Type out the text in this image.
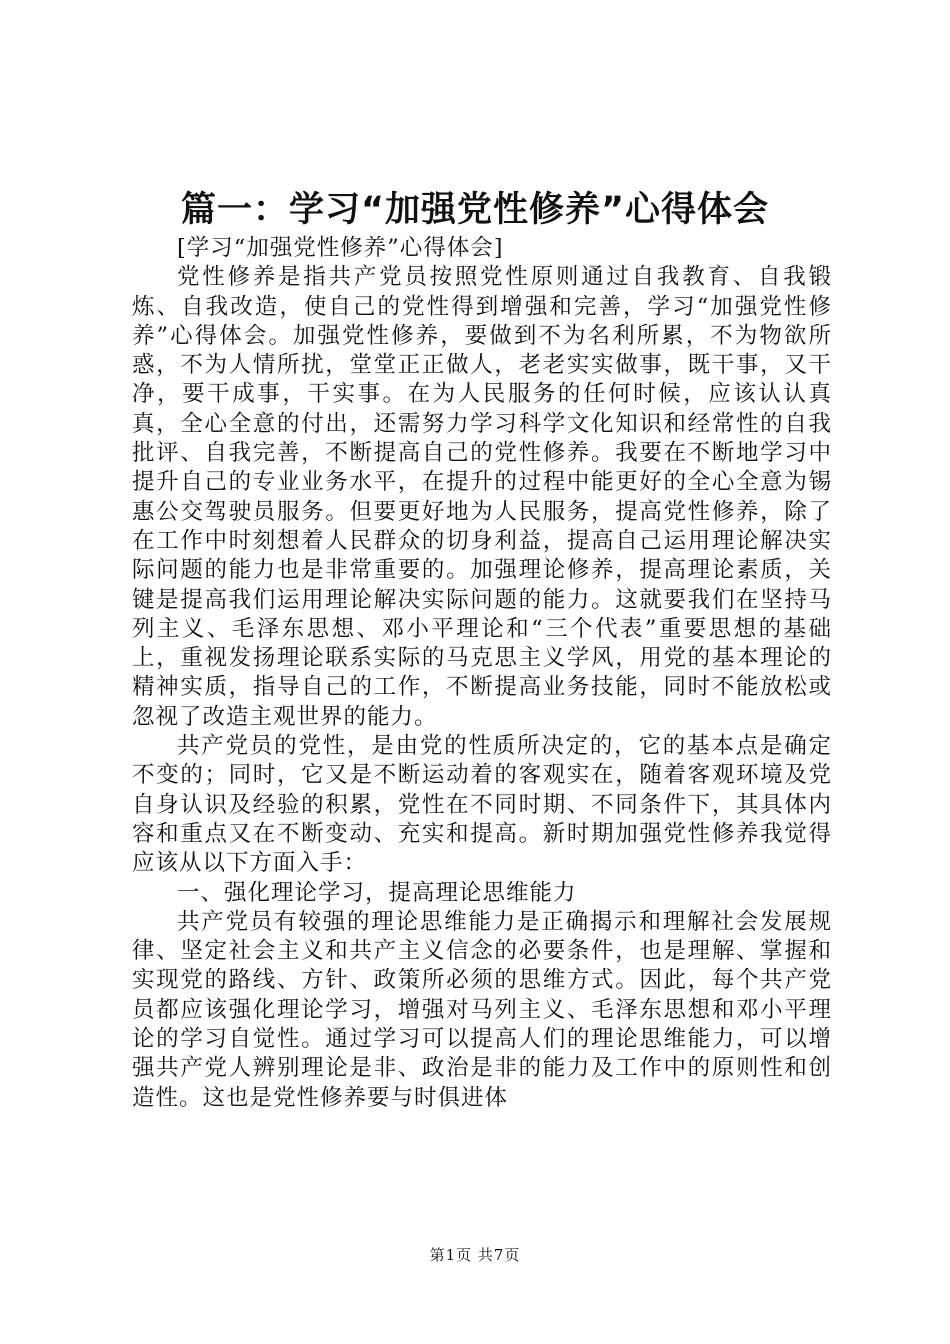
篇一：学习“加强党性修养”心得体会

[学习“加强党性修养”心得体会]

党性修养是指共产党员按照党性原则通过自我教育、自我锻炼、自我改造，使自己的党性得到增强和完善，学习“加强党性修养”心得体会。加强党性修养，要做到不为名利所累，不为物欲所惑，不为人情所扰，堂堂正正做人，老老实实做事，既干事，又干净，要干成事，干实事。在为人民服务的任何时候，应该认认真真，全心全意的付出，还需努力学习科学文化知识和经常性的自我批评、自我完善，不断提高自己的党性修养。我要在不断地学习中提升自己的专业业务水平，在提升的过程中能更好的全心全意为锡惠公交驾驶员服务。但要更好地为人民服务，提高党性修养，除了在工作中时刻想着人民群众的切身利益，提高自己运用理论解决实际问题的能力也是非常重要的。加强理论修养，提高理论素质，关键是提高我们运用理论解决实际问题的能力。这就要我们在坚持马列主义、毛泽东思想、邓小平理论和“三个代表”重要思想的基础上，重视发扬理论联系实际的马克思主义学风，用党的基本理论的精神实质，指导自己的工作，不断提高业务技能，同时不能放松或忽视了改造主观世界的能力。

共产党员的党性，是由党的性质所决定的，它的基本点是确定不变的；同时，它又是不断运动着的客观实在，随着客观环境及党自身认识及经验的积累，党性在不同时期、不同条件下，其具体内容和重点又在不断变动、充实和提高。新时期加强党性修养我觉得应该从以下方面入手：

一、强化理论学习，提高理论思维能力

共产党员有较强的理论思维能力是正确揭示和理解社会发展规律、坚定社会主义和共产主义信念的必要条件，也是理解、掌握和实现党的路线、方针、政策所必须的思维方式。因此，每个共产党员都应该强化理论学习，增强对马列主义、毛泽东思想和邓小平理论的学习自觉性。通过学习可以提高人们的理论思维能力，可以增强共产党人辨别理论是非、政治是非的能力及工作中的原则性和创造性。这也是党性修养要与时俱进体

第1页 共7页
